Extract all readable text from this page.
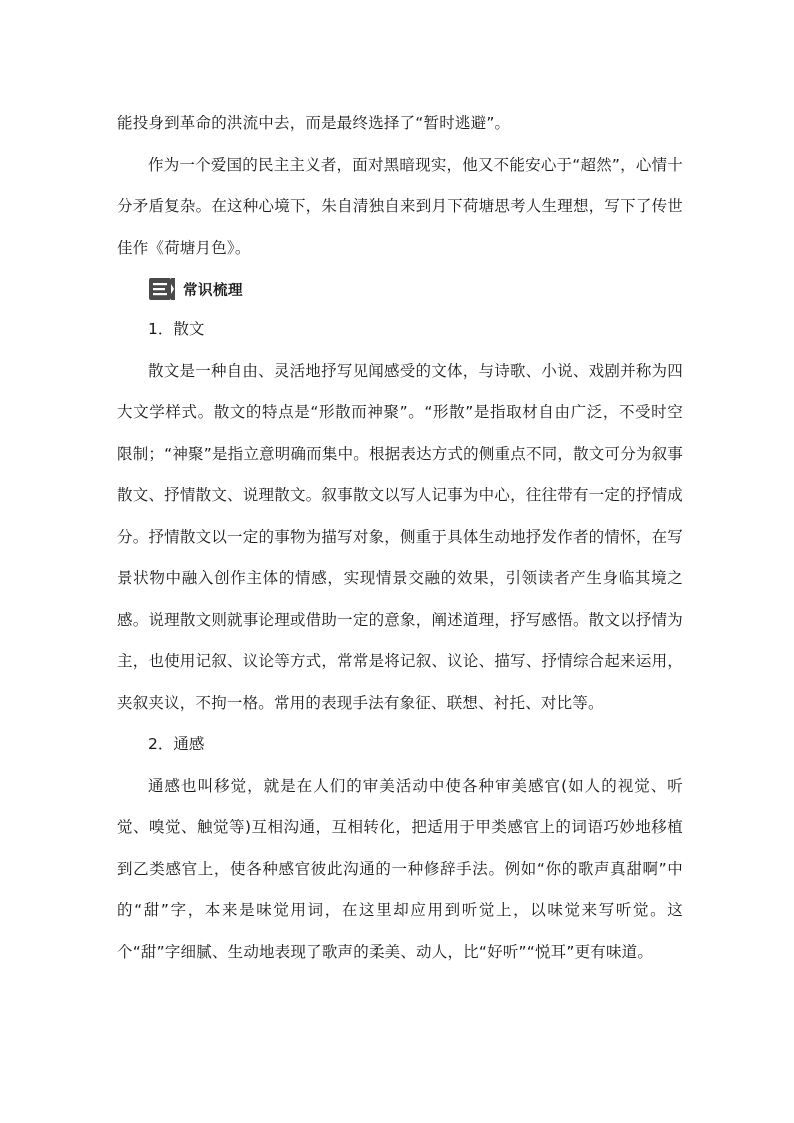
能投身到革命的洪流中去，而是最终选择了“暂时逃避”。

作为一个爱国的民主主义者，面对黑暗现实，他又不能安心于“超然”，心情十分矛盾复杂。在这种心境下，朱自清独自来到月下荷塘思考人生理想，写下了传世佳作《荷塘月色》。

常识梳理

1．散文

散文是一种自由、灵活地抒写见闻感受的文体，与诗歌、小说、戏剧并称为四大文学样式。散文的特点是“形散而神聚”。“形散”是指取材自由广泛，不受时空限制；“神聚”是指立意明确而集中。根据表达方式的侧重点不同，散文可分为叙事散文、抒情散文、说理散文。叙事散文以写人记事为中心，往往带有一定的抒情成分。抒情散文以一定的事物为描写对象，侧重于具体生动地抒发作者的情怀，在写景状物中融入创作主体的情感，实现情景交融的效果，引领读者产生身临其境之感。说理散文则就事论理或借助一定的意象，阐述道理，抒写感悟。散文以抒情为主，也使用记叙、议论等方式，常常是将记叙、议论、描写、抒情综合起来运用，夹叙夹议，不拘一格。常用的表现手法有象征、联想、衬托、对比等。

2．通感

通感也叫移觉，就是在人们的审美活动中使各种审美感官(如人的视觉、听觉、嗅觉、触觉等)互相沟通，互相转化，把适用于甲类感官上的词语巧妙地移植到乙类感官上，使各种感官彼此沟通的一种修辞手法。例如“你的歌声真甜啊”中的“甜”字，本来是味觉用词，在这里却应用到听觉上，以味觉来写听觉。这个“甜”字细腻、生动地表现了歌声的柔美、动人，比“好听”“悦耳”更有味道。
